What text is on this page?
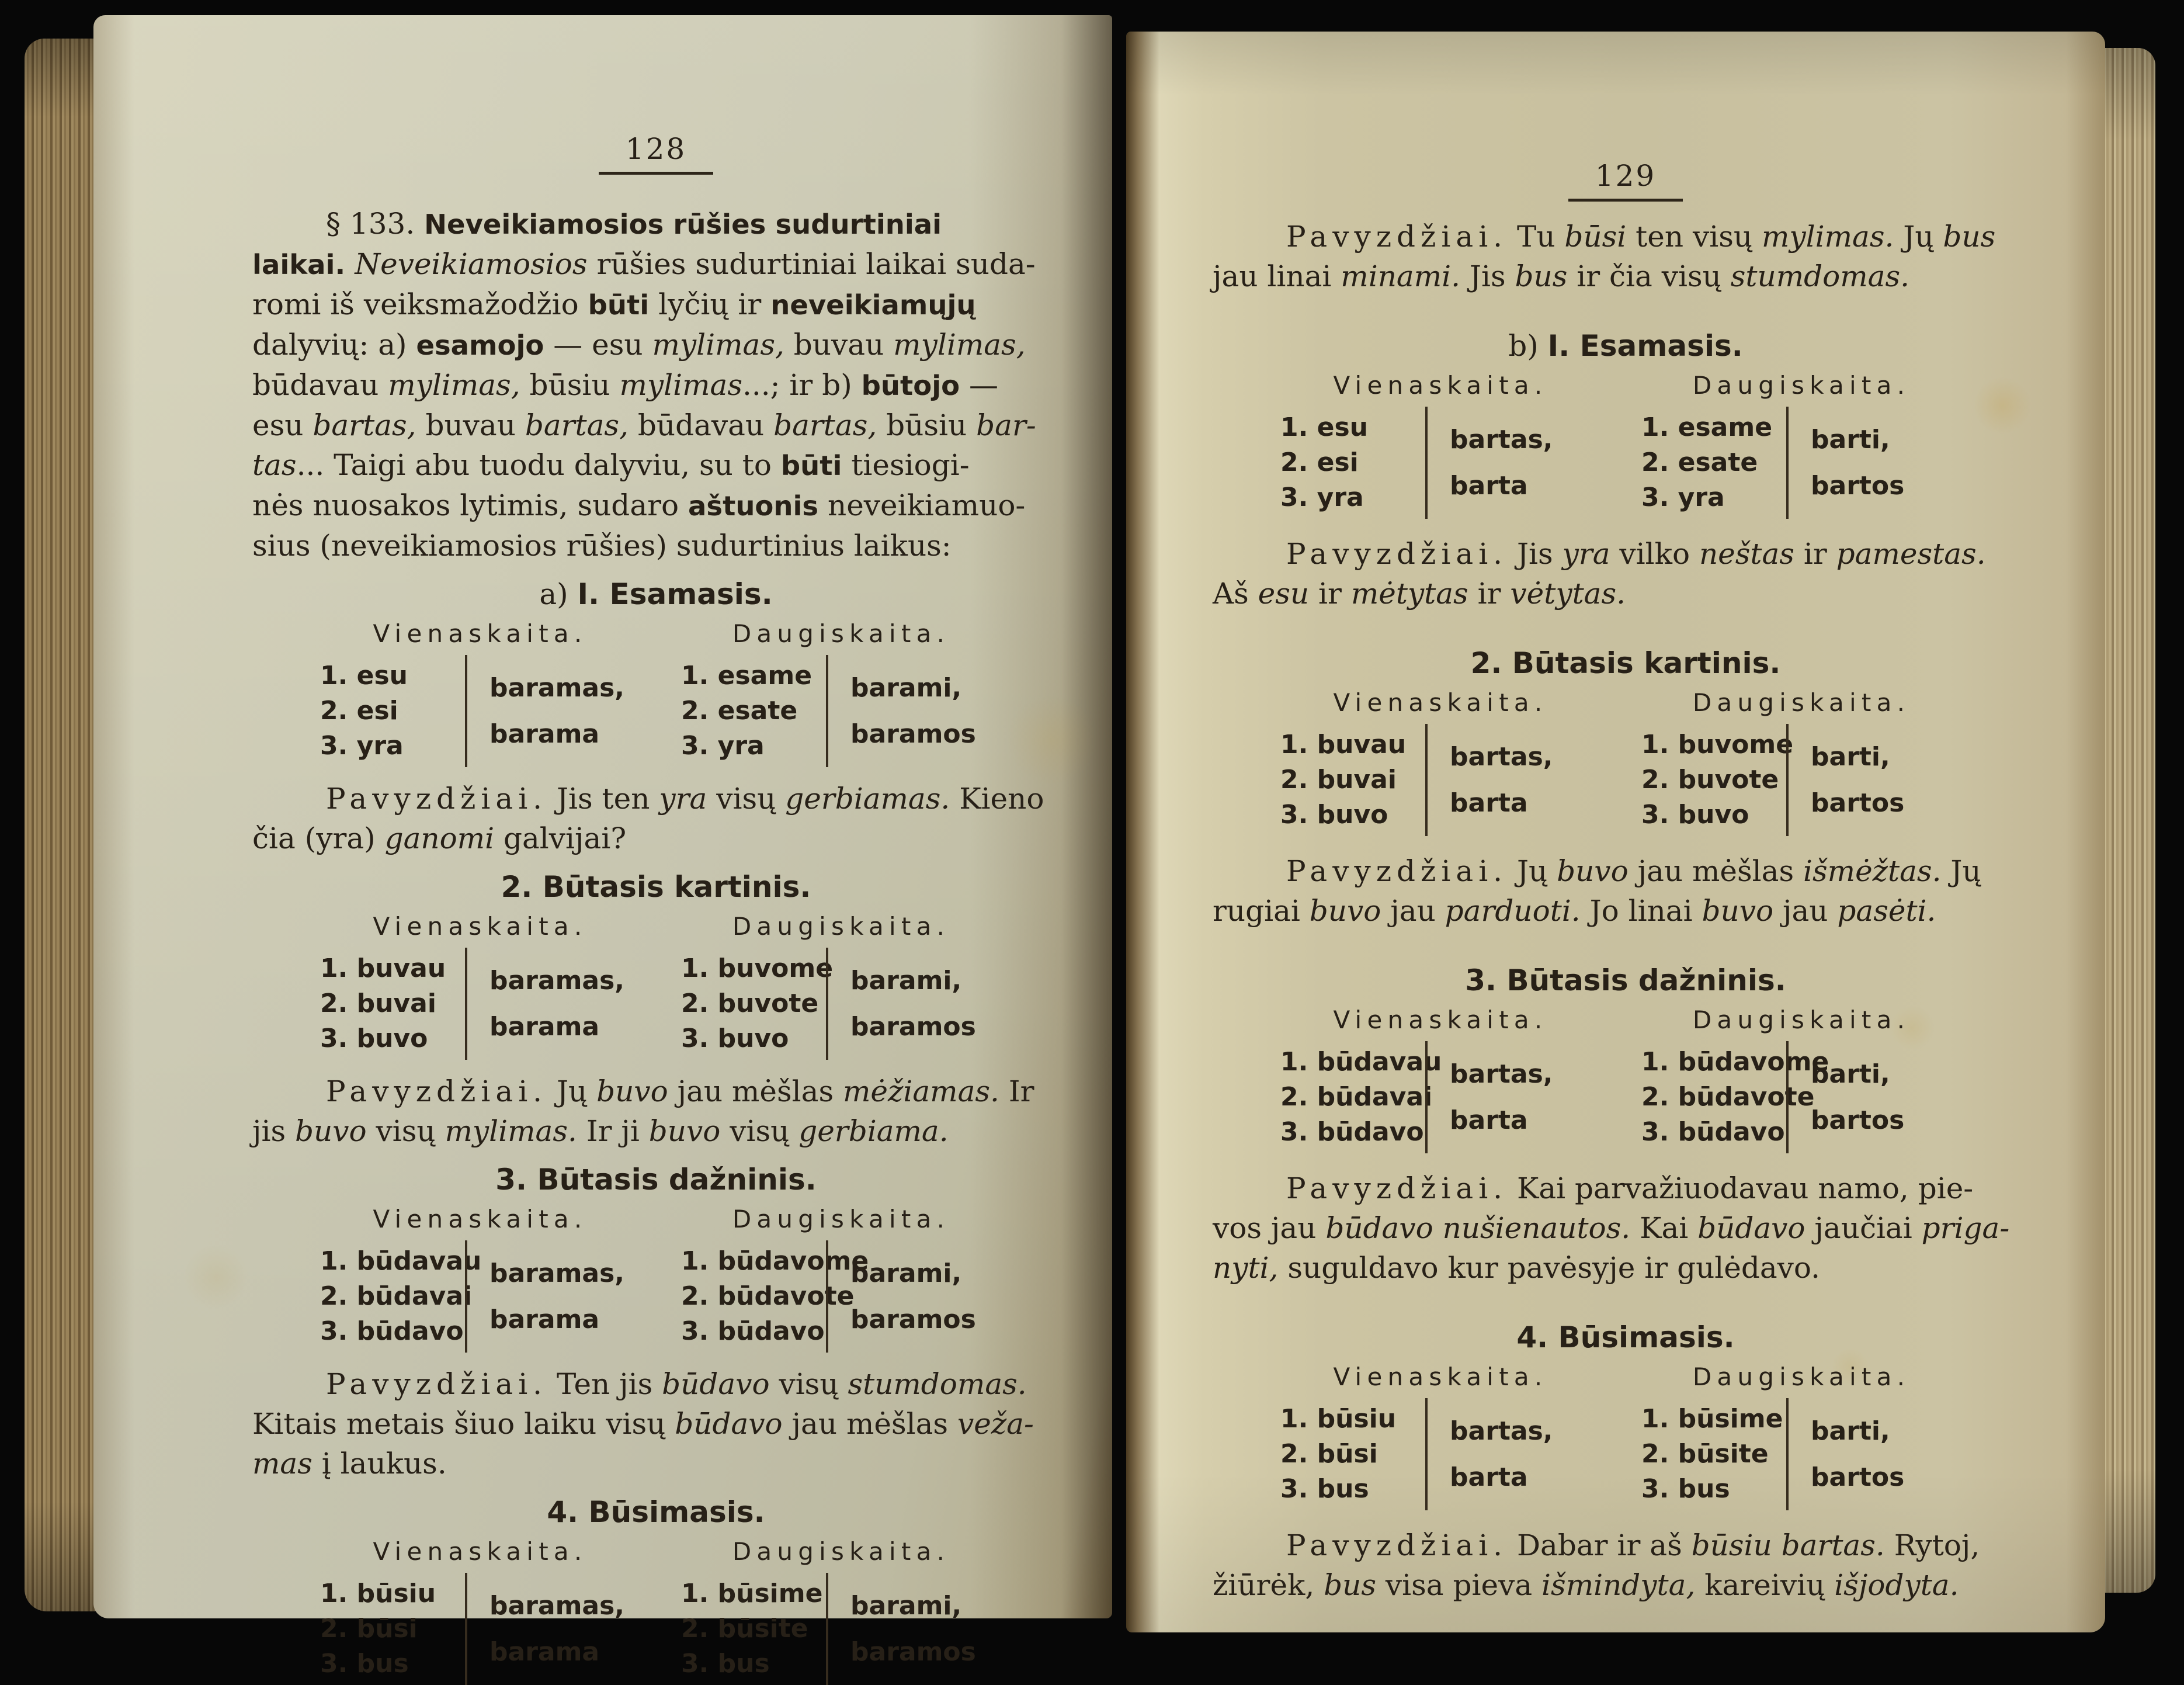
128
§ 133. Neveikiamosios rūšies sudurtiniai
laikai. Neveikiamosios rūšies sudurtiniai laikai suda-
romi iš veiksmažodžio būti lyčių ir neveikiamųjų
dalyvių: a) esamojo — esu mylimas, buvau mylimas,
būdavau mylimas, būsiu mylimas...; ir b) būtojo —
esu bartas, buvau bartas, būdavau bartas, būsiu bar-
tas... Taigi abu tuodu dalyviu, su to būti tiesiogi-
nės nuosakos lytimis, sudaro aštuonis neveikiamuo-
sius (neveikiamosios rūšies) sudurtinius laikus:
a) I. Esamasis.
Vienaskaita.
1. esu
2. esi
3. yra
baramas,
barama
Daugiskaita.
1. esame
2. esate
3. yra
barami,
baramos

Pavyzdžiai. Jis ten yra visų gerbiamas. Kieno
čia (yra) ganomi galvijai?

2. Būtasis kartinis.
Vienaskaita.
1. buvau
2. buvai
3. buvo
baramas,
barama
Daugiskaita.
1. buvome
2. buvote
3. buvo
barami,
baramos

Pavyzdžiai. Jų buvo jau mėšlas mėžiamas. Ir
jis buvo visų mylimas. Ir ji buvo visų gerbiama.

3. Būtasis dažninis.
Vienaskaita.
1. būdavau
2. būdavai
3. būdavo
baramas,
barama
Daugiskaita.
1. būdavome
2. būdavote
3. būdavo
barami,
baramos

Pavyzdžiai. Ten jis būdavo visų stumdomas.
Kitais metais šiuo laiku visų būdavo jau mėšlas veža-
mas į laukus.

4. Būsimasis.
Vienaskaita.
1. būsiu
2. būsi
3. bus
baramas,
barama
Daugiskaita.
1. būsime
2. būsite
3. bus
barami,
baramos
129

Pavyzdžiai. Tu būsi ten visų mylimas. Jų bus
jau linai minami. Jis bus ir čia visų stumdomas.

b) I. Esamasis.
Vienaskaita.
1. esu
2. esi
3. yra
bartas,
barta
Daugiskaita.
1. esame
2. esate
3. yra
barti,
bartos

Pavyzdžiai. Jis yra vilko neštas ir pamestas.
Aš esu ir mėtytas ir vėtytas.

2. Būtasis kartinis.
Vienaskaita.
1. buvau
2. buvai
3. buvo
bartas,
barta
Daugiskaita.
1. buvome
2. buvote
3. buvo
barti,
bartos

Pavyzdžiai. Jų buvo jau mėšlas išmėžtas. Jų
rugiai buvo jau parduoti. Jo linai buvo jau pasėti.

3. Būtasis dažninis.
Vienaskaita.
1. būdavau
2. būdavai
3. būdavo
bartas,
barta
Daugiskaita.
1. būdavome
2. būdavote
3. būdavo
barti,
bartos

Pavyzdžiai. Kai parvažiuodavau namo, pie-
vos jau būdavo nušienautos. Kai būdavo jaučiai priga-
nyti, suguldavo kur pavėsyje ir gulėdavo.

4. Būsimasis.
Vienaskaita.
1. būsiu
2. būsi
3. bus
bartas,
barta
Daugiskaita.
1. būsime
2. būsite
3. bus
barti,
bartos

Pavyzdžiai. Dabar ir aš būsiu bartas. Rytoj,
žiūrėk, bus visa pieva išmindyta, kareivių išjodyta.
